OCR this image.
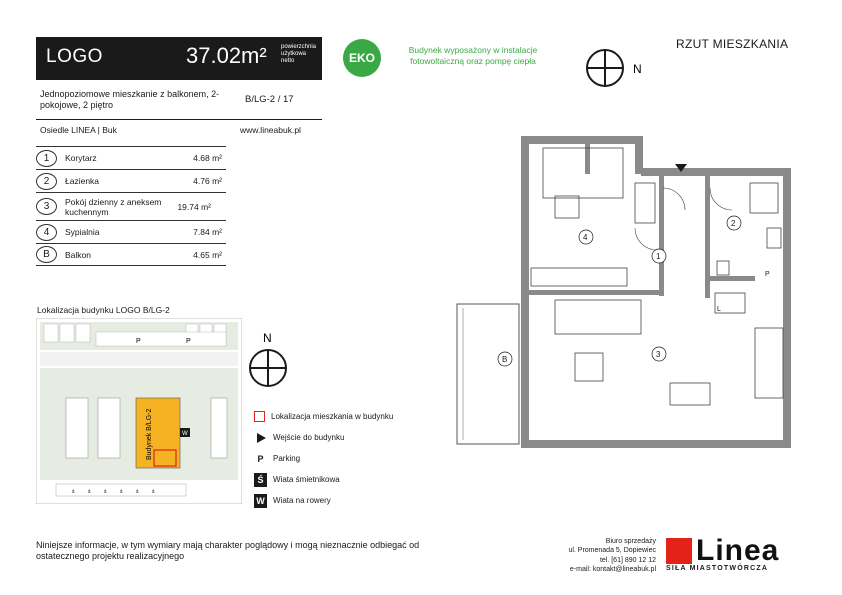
LOGO	37.02m² powierzchnia użytkowa netto
Jednopoziomowe mieszkanie z balkonem, 2-pokojowe, 2 piętro	B/LG-2 / 17
Osiedle LINEA | Buk	www.lineabuk.pl
EKO
Budynek wyposażony w instalacje fotowoltaiczną oraz pompę ciepła
N
RZUT MIESZKANIA
1	Korytarz	4.68 m²
2	Łazienka	4.76 m²
3	Pokój dzienny z aneksem kuchennym	19.74 m²
4	Sypialnia	7.84 m²
B	Balkon	4.65 m²
Lokalizacja budynku LOGO B/LG-2
P	P
Budynek B/LG-2	W
ś	ś	ś	ś	ś	ś
N
Lokalizacja mieszkania w budynku
Wejście do budynku
P	Parking
Ś	Wiata śmietnikowa
W Wiata na rowery
4
1
2
3
B
L
P
Niniejsze informacje, w tym wymiary mają charakter poglądowy i mogą nieznacznie odbiegać od ostatecznego projektu realizacyjnego
Biuro sprzedaży
ul. Promenada 5, Dopiewiec
tel. [61] 890 12 12
e-mail: kontakt@lineabuk.pl
Linea
SIŁA MIASTOTWÓRCZA
